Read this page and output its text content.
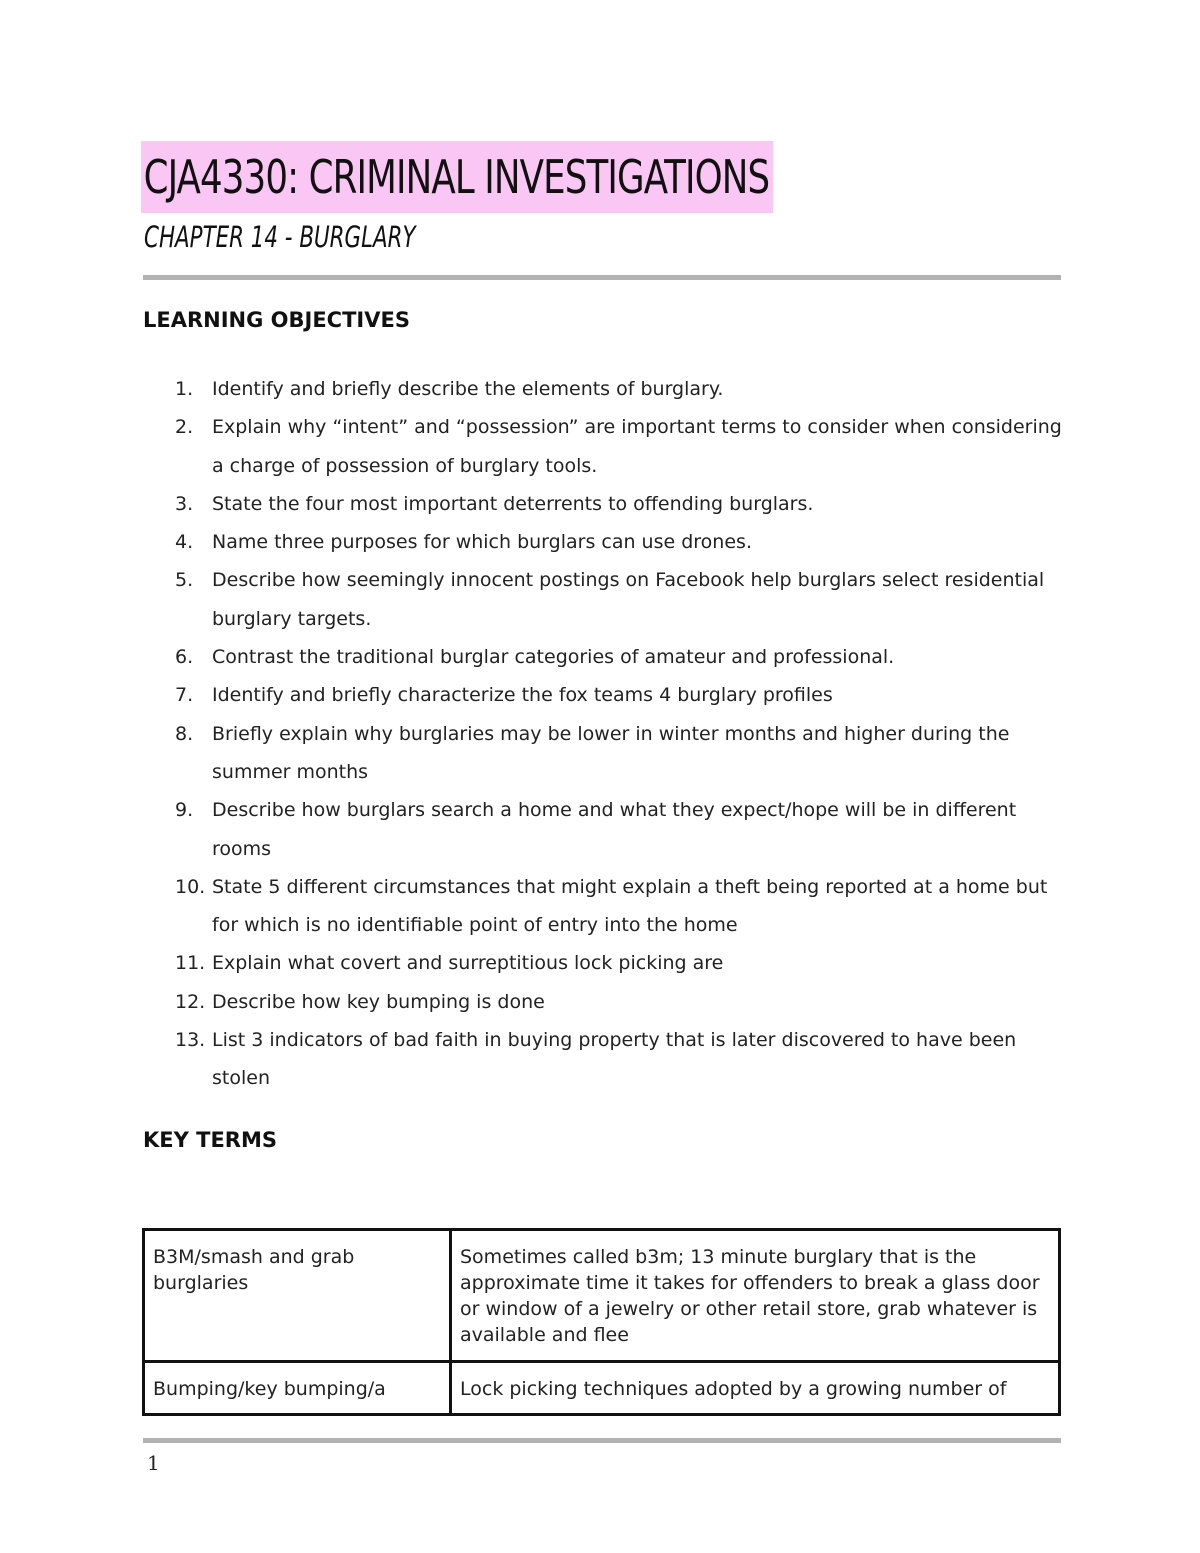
CJA4330: CRIMINAL INVESTIGATIONS
CHAPTER 14 - BURGLARY
LEARNING OBJECTIVES
1. Identify and briefly describe the elements of burglary.
2. Explain why “intent” and “possession” are important terms to consider when considering a charge of possession of burglary tools.
3. State the four most important deterrents to offending burglars.
4. Name three purposes for which burglars can use drones.
5. Describe how seemingly innocent postings on Facebook help burglars select residential burglary targets.
6. Contrast the traditional burglar categories of amateur and professional.
7. Identify and briefly characterize the fox teams 4 burglary profiles
8. Briefly explain why burglaries may be lower in winter months and higher during the summer months
9. Describe how burglars search a home and what they expect/hope will be in different rooms
10. State 5 different circumstances that might explain a theft being reported at a home but for which is no identifiable point of entry into the home
11. Explain what covert and surreptitious lock picking are
12. Describe how key bumping is done
13. List 3 indicators of bad faith in buying property that is later discovered to have been stolen
KEY TERMS
B3M/smash and grab burglaries	Sometimes called b3m; 13 minute burglary that is the approximate time it takes for offenders to break a glass door or window of a jewelry or other retail store, grab whatever is available and flee
Bumping/key bumping/a	Lock picking techniques adopted by a growing number of
1
